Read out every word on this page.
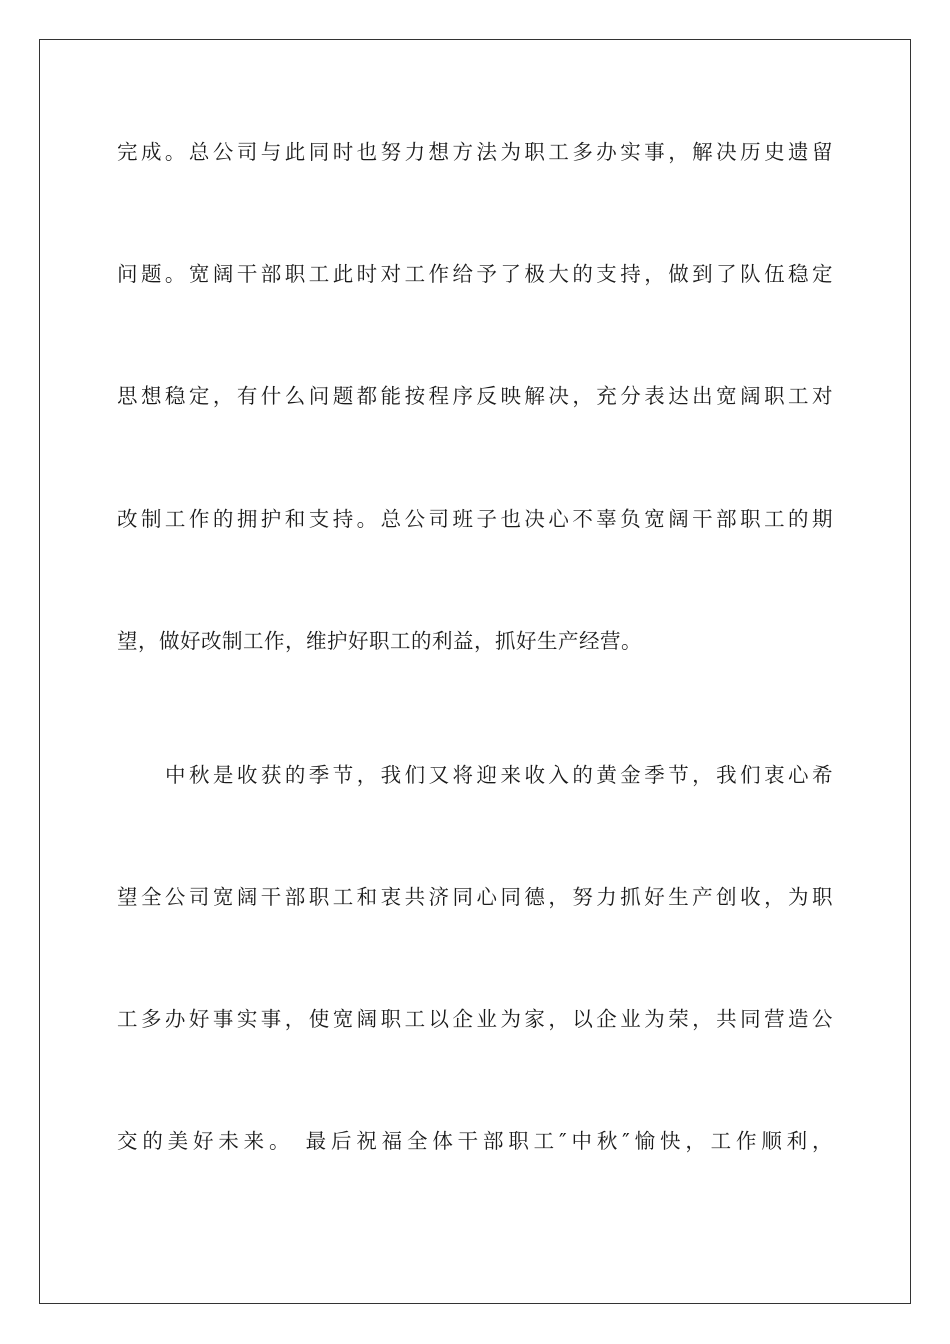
完成。总公司与此同时也努力想方法为职工多办实事，解决历史遗留
问题。宽阔干部职工此时对工作给予了极大的支持，做到了队伍稳定
思想稳定，有什么问题都能按程序反映解决，充分表达出宽阔职工对
改制工作的拥护和支持。总公司班子也决心不辜负宽阔干部职工的期
望，做好改制工作，维护好职工的利益，抓好生产经营。
中秋是收获的季节，我们又将迎来收入的黄金季节，我们衷心希
望全公司宽阔干部职工和衷共济同心同德，努力抓好生产创收，为职
工多办好事实事，使宽阔职工以企业为家，以企业为荣，共同营造公
交的美好未来。 最后祝福全体干部职工″中秋″愉快，工作顺利，
